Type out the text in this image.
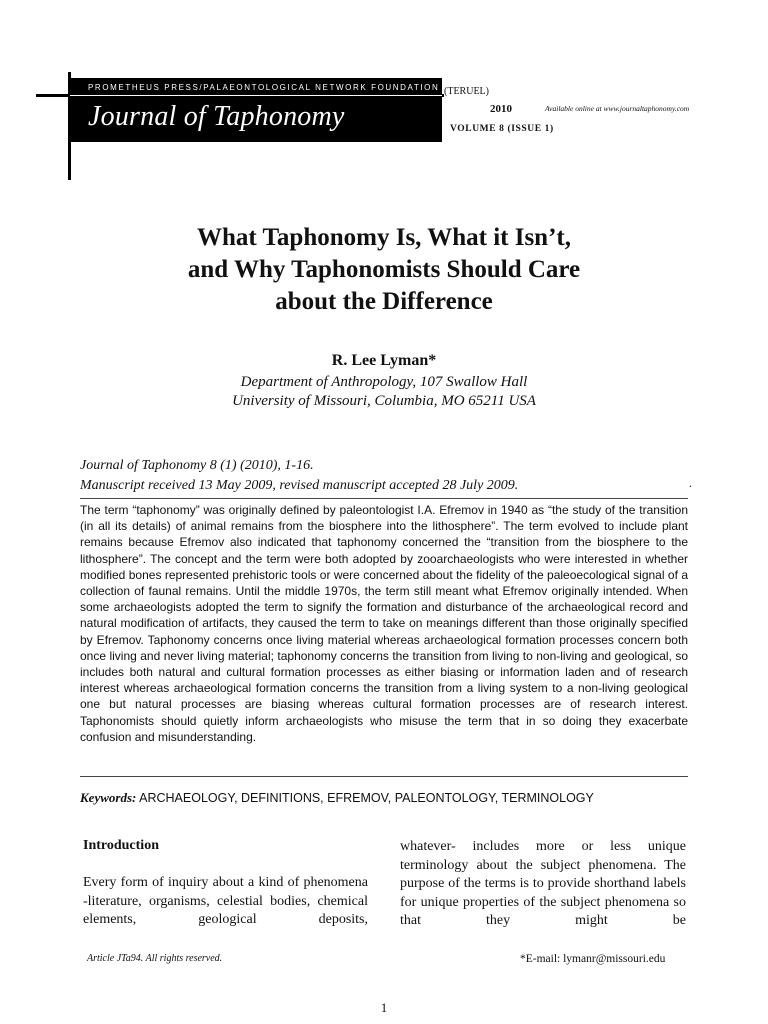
PROMETHEUS PRESS/PALAEONTOLOGICAL NETWORK FOUNDATION
Journal of Taphonomy
(TERUEL)
2010	Available online at www.journaltaphonomy.com
VOLUME 8 (ISSUE 1)
What Taphonomy Is, What it Isn’t,
and Why Taphonomists Should Care
about the Difference
R. Lee Lyman*
Department of Anthropology, 107 Swallow Hall
University of Missouri, Columbia, MO 65211 USA
Journal of Taphonomy 8 (1) (2010), 1-16.
Manuscript received 13 May 2009, revised manuscript accepted 28 July 2009.	.
The term “taphonomy” was originally defined by paleontologist I.A. Efremov in 1940 as “the study of the transition (in all its details) of animal remains from the biosphere into the lithosphere”. The term evolved to include plant remains because Efremov also indicated that taphonomy concerned the “transition from the biosphere to the lithosphere”. The concept and the term were both adopted by zooarchaeologists who were interested in whether modified bones represented prehistoric tools or were concerned about the fidelity of the paleoecological signal of a collection of faunal remains. Until the middle 1970s, the term still meant what Efremov originally intended. When some archaeologists adopted the term to signify the formation and disturbance of the archaeological record and natural modification of artifacts, they caused the term to take on meanings different than those originally specified by Efremov. Taphonomy concerns once living material whereas archaeological formation processes concern both once living and never living material; taphonomy concerns the transition from living to non-living and geological, so includes both natural and cultural formation processes as either biasing or information laden and of research interest whereas archaeological formation concerns the transition from a living system to a non-living geological one but natural processes are biasing whereas cultural formation processes are of research interest. Taphonomists should quietly inform archaeologists who misuse the term that in so doing they exacerbate confusion and misunderstanding.
Keywords: ARCHAEOLOGY, DEFINITIONS, EFREMOV, PALEONTOLOGY, TERMINOLOGY
Introduction
Every form of inquiry about a kind of phenomena -literature, organisms, celestial bodies, chemical elements, geological deposits,
whatever- includes more or less unique terminology about the subject phenomena. The purpose of the terms is to provide shorthand labels for unique properties of the subject phenomena so that they might be
Article JTa94. All rights reserved.	*E-mail: lymanr@missouri.edu
1
